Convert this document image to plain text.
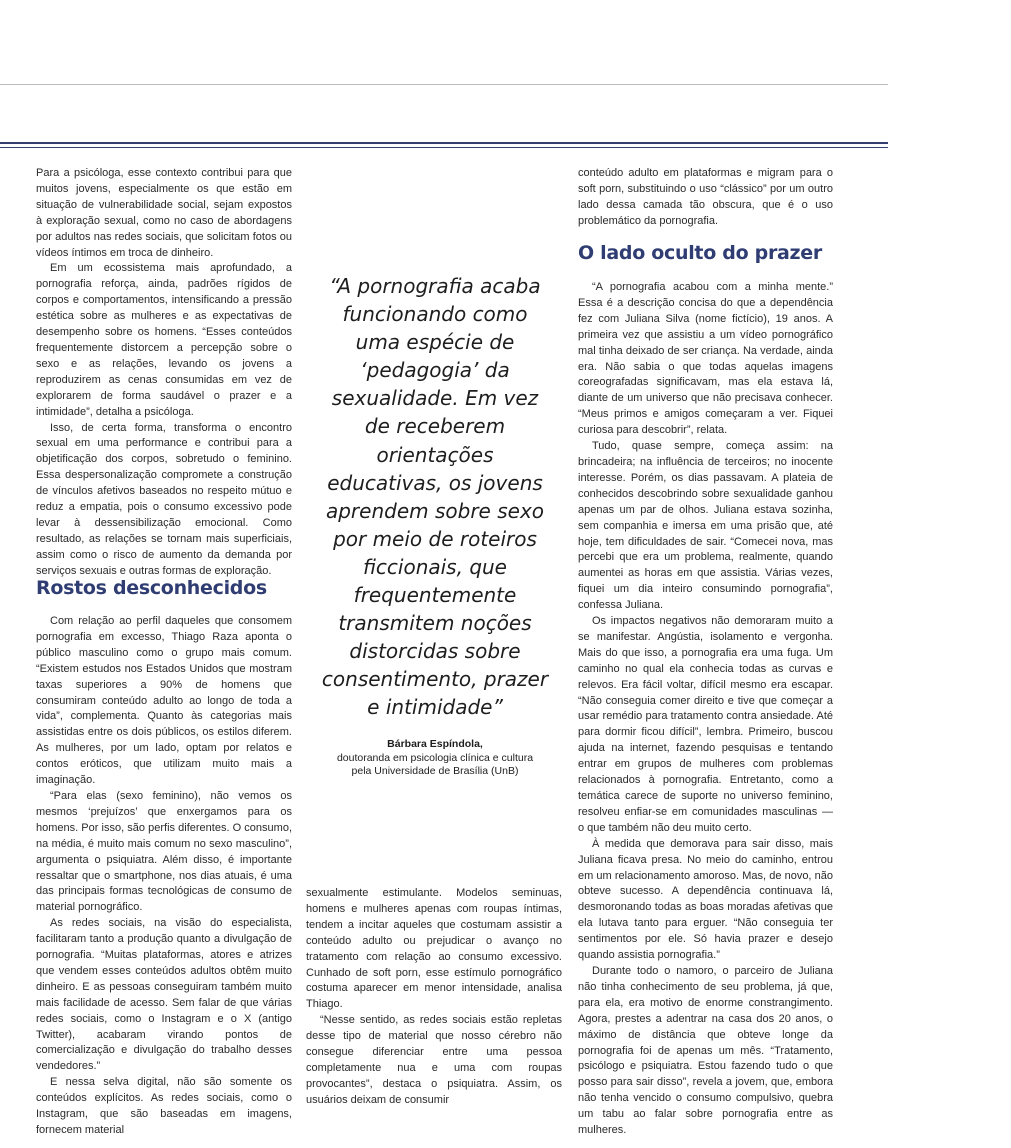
Para a psicóloga, esse contexto contribui para que muitos jovens, especialmente os que estão em situação de vulnerabilidade social, sejam expostos à exploração sexual, como no caso de abordagens por adultos nas redes sociais, que solicitam fotos ou vídeos íntimos em troca de dinheiro.

Em um ecossistema mais aprofundado, a pornografia reforça, ainda, padrões rígidos de corpos e comportamentos, intensificando a pressão estética sobre as mulheres e as expectativas de desempenho sobre os homens. “Esses conteúdos frequentemente distorcem a percepção sobre o sexo e as relações, levando os jovens a reproduzirem as cenas consumidas em vez de explorarem de forma saudável o prazer e a intimidade”, detalha a psicóloga.

Isso, de certa forma, transforma o encontro sexual em uma performance e contribui para a objetificação dos corpos, sobretudo o feminino. Essa despersonalização compromete a construção de vínculos afetivos baseados no respeito mútuo e reduz a empatia, pois o consumo excessivo pode levar à dessensibilização emocional. Como resultado, as relações se tornam mais superficiais, assim como o risco de aumento da demanda por serviços sexuais e outras formas de exploração.

Rostos desconhecidos

Com relação ao perfil daqueles que consomem pornografia em excesso, Thiago Raza aponta o público masculino como o grupo mais comum. “Existem estudos nos Estados Unidos que mostram taxas superiores a 90% de homens que consumiram conteúdo adulto ao longo de toda a vida”, complementa. Quanto às categorias mais assistidas entre os dois públicos, os estilos diferem. As mulheres, por um lado, optam por relatos e contos eróticos, que utilizam muito mais a imaginação.

“Para elas (sexo feminino), não vemos os mesmos ‘prejuízos’ que enxergamos para os homens. Por isso, são perfis diferentes. O consumo, na média, é muito mais comum no sexo masculino”, argumenta o psiquiatra. Além disso, é importante ressaltar que o smartphone, nos dias atuais, é uma das principais formas tecnológicas de consumo de material pornográfico.

As redes sociais, na visão do especialista, facilitaram tanto a produção quanto a divulgação de pornografia. “Muitas plataformas, atores e atrizes que vendem esses conteúdos adultos obtêm muito dinheiro. E as pessoas conseguiram também muito mais facilidade de acesso. Sem falar de que várias redes sociais, como o Instagram e o X (antigo Twitter), acabaram virando pontos de comercialização e divulgação do trabalho desses vendedores.”

E nessa selva digital, não são somente os conteúdos explícitos. As redes sociais, como o Instagram, que são baseadas em imagens, fornecem material

“A pornografia acaba funcionando como uma espécie de ‘pedagogia’ da sexualidade. Em vez de receberem orientações educativas, os jovens aprendem sobre sexo por meio de roteiros ficcionais, que frequentemente transmitem noções distorcidas sobre consentimento, prazer e intimidade”
Bárbara Espíndola,
doutoranda em psicologia clínica e cultura
pela Universidade de Brasília (UnB)

sexualmente estimulante. Modelos seminuas, homens e mulheres apenas com roupas íntimas, tendem a incitar aqueles que costumam assistir a conteúdo adulto ou prejudicar o avanço no tratamento com relação ao consumo excessivo. Cunhado de soft porn, esse estímulo pornográfico costuma aparecer em menor intensidade, analisa Thiago.

“Nesse sentido, as redes sociais estão repletas desse tipo de material que nosso cérebro não consegue diferenciar entre uma pessoa completamente nua e uma com roupas provocantes”, destaca o psiquiatra. Assim, os usuários deixam de consumir

conteúdo adulto em plataformas e migram para o soft porn, substituindo o uso “clássico” por um outro lado dessa camada tão obscura, que é o uso problemático da pornografia.

O lado oculto do prazer

“A pornografia acabou com a minha mente.” Essa é a descrição concisa do que a dependência fez com Juliana Silva (nome fictício), 19 anos. A primeira vez que assistiu a um vídeo pornográfico mal tinha deixado de ser criança. Na verdade, ainda era. Não sabia o que todas aquelas imagens coreografadas significavam, mas ela estava lá, diante de um universo que não precisava conhecer. “Meus primos e amigos começaram a ver. Fiquei curiosa para descobrir”, relata.

Tudo, quase sempre, começa assim: na brincadeira; na influência de terceiros; no inocente interesse. Porém, os dias passavam. A plateia de conhecidos descobrindo sobre sexualidade ganhou apenas um par de olhos. Juliana estava sozinha, sem companhia e imersa em uma prisão que, até hoje, tem dificuldades de sair. “Comecei nova, mas percebi que era um problema, realmente, quando aumentei as horas em que assistia. Várias vezes, fiquei um dia inteiro consumindo pornografia”, confessa Juliana.

Os impactos negativos não demoraram muito a se manifestar. Angústia, isolamento e vergonha. Mais do que isso, a pornografia era uma fuga. Um caminho no qual ela conhecia todas as curvas e relevos. Era fácil voltar, difícil mesmo era escapar. “Não conseguia comer direito e tive que começar a usar remédio para tratamento contra ansiedade. Até para dormir ficou difícil”, lembra. Primeiro, buscou ajuda na internet, fazendo pesquisas e tentando entrar em grupos de mulheres com problemas relacionados à pornografia. Entretanto, como a temática carece de suporte no universo feminino, resolveu enfiar-se em comunidades masculinas — o que também não deu muito certo.

À medida que demorava para sair disso, mais Juliana ficava presa. No meio do caminho, entrou em um relacionamento amoroso. Mas, de novo, não obteve sucesso. A dependência continuava lá, desmoronando todas as boas moradas afetivas que ela lutava tanto para erguer. “Não conseguia ter sentimentos por ele. Só havia prazer e desejo quando assistia pornografia.”

Durante todo o namoro, o parceiro de Juliana não tinha conhecimento de seu problema, já que, para ela, era motivo de enorme constrangimento. Agora, prestes a adentrar na casa dos 20 anos, o máximo de distância que obteve longe da pornografia foi de apenas um mês. “Tratamento, psicólogo e psiquiatra. Estou fazendo tudo o que posso para sair disso”, revela a jovem, que, embora não tenha vencido o consumo compulsivo, quebra um tabu ao falar sobre pornografia entre as mulheres.
